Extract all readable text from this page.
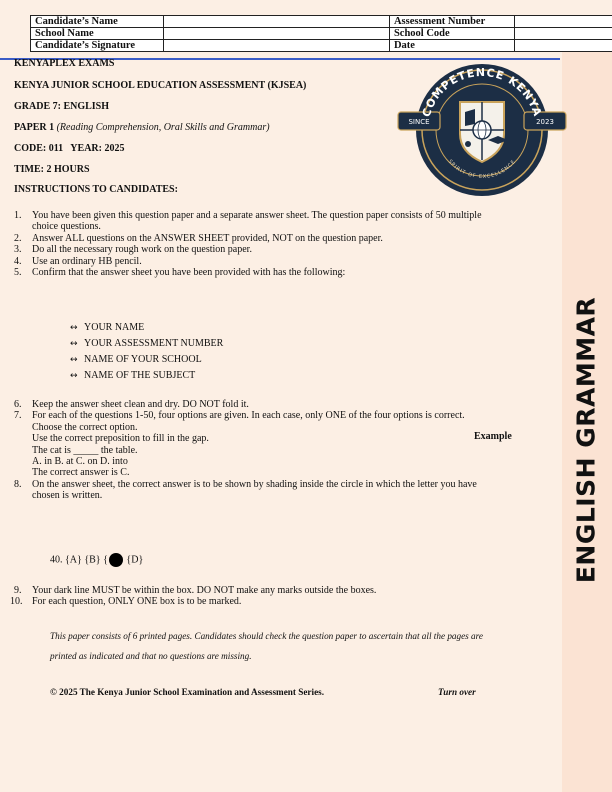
ENGLISH GRAMMAR
Candidate’s Name		Assessment Number	
School Name		School Code	
Candidate’s Signature		Date	
SINCE	2023
COMPETENCE KENYA
SPIRIT OF EXCELLENCE
KENYAPLEX EXAMS
KENYA JUNIOR SCHOOL EDUCATION ASSESSMENT (KJSEA)
GRADE 7: ENGLISH
PAPER 1 (Reading Comprehension, Oral Skills and Grammar)
CODE: 011   YEAR: 2025
TIME: 2 HOURS
INSTRUCTIONS TO CANDIDATES:
1. You have been given this question paper and a separate answer sheet. The question paper consists of 50 multiple
choice questions.
2. Answer ALL questions on the ANSWER SHEET provided, NOT on the question paper.
3. Do all the necessary rough work on the question paper.
4. Use an ordinary HB pencil.
5. Confirm that the answer sheet you have been provided with has the following:
↔ YOUR NAME
↔ YOUR ASSESSMENT NUMBER
↔ NAME OF YOUR SCHOOL
↔ NAME OF THE SUBJECT
6. Keep the answer sheet clean and dry. DO NOT fold it.
7. For each of the questions 1-50, four options are given. In each case, only ONE of the four options is correct.
Choose the correct option.
Use the correct preposition to fill in the gap.
The cat is _____ the table.
A. in B. at C. on D. into
The correct answer is C.
8. On the answer sheet, the correct answer is to be shown by shading inside the circle in which the letter you have
chosen is written.
Example
40. {A} {B} { {D}
9. Your dark line MUST be within the box. DO NOT make any marks outside the boxes.
10. For each question, ONLY ONE box is to be marked.
This paper consists of 6 printed pages. Candidates should check the question paper to ascertain that all the pages are
printed as indicated and that no questions are missing.
© 2025 The Kenya Junior School Examination and Assessment Series.	Turn over
